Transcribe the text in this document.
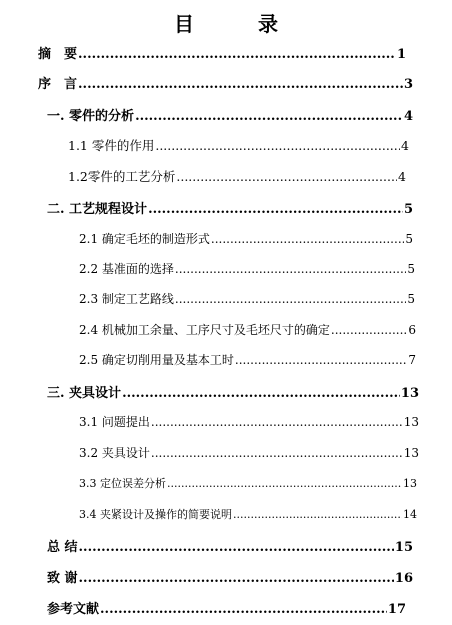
目　录
摘　要 .....	1
序　言 .....	3
一. 零件的分析 .....	4
1.1 零件的作用 .....	4
1.2零件的工艺分析 .....	4
二. 工艺规程设计 .....	5
2.1 确定毛坯的制造形式 .....	5
2.2 基准面的选择 .....	5
2.3 制定工艺路线 .....	5
2.4 机械加工余量、工序尺寸及毛坯尺寸的确定 .....	6
2.5 确定切削用量及基本工时 .....	7
三. 夹具设计 .....	13
3.1 问题提出 .....	13
3.2 夹具设计 .....	13
3.3 定位误差分析 .....	13
3.4 夹紧设计及操作的简要说明 .....	14
总 结 .....	15
致 谢 .....	16
参考文献 .....	17
